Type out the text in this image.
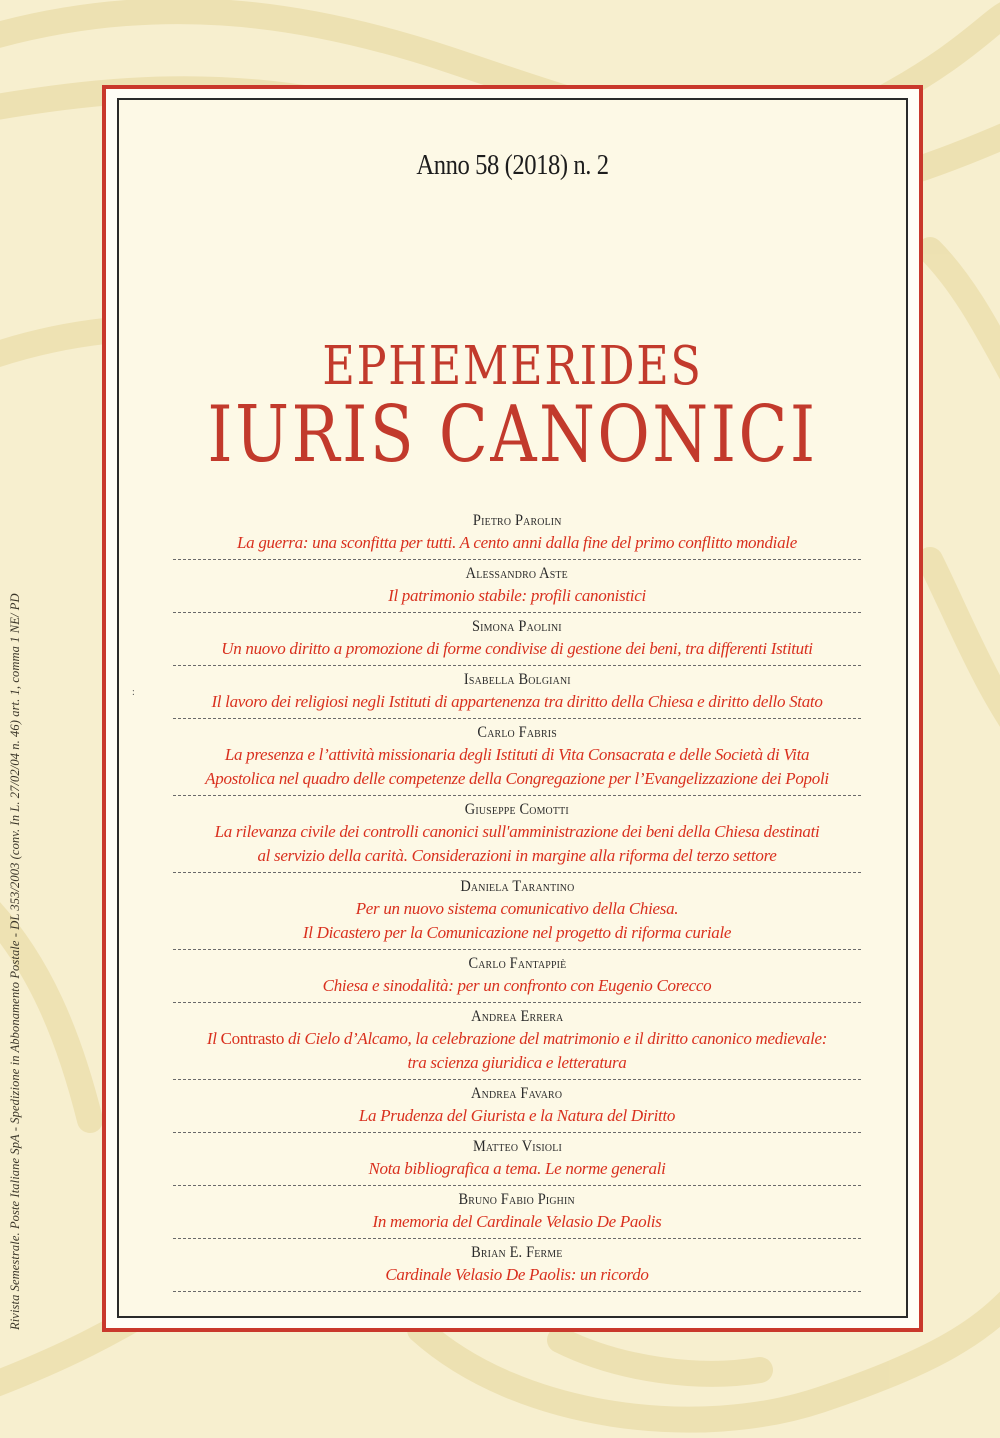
Rivista Semestrale. Poste Italiane SpA - Spedizione in Abbonamento Postale - DL 353/2003 (conv. In L. 27/02/04 n. 46) art. 1, comma 1 NE/ PD	:
Anno 58 (2018) n. 2
EPHEMERIDES
IURIS CANONICI
Pietro Parolin
La guerra: una sconfitta per tutti. A cento anni dalla fine del primo conflitto mondiale
Alessandro Aste
Il patrimonio stabile: profili canonistici
Simona Paolini
Un nuovo diritto a promozione di forme condivise di gestione dei beni, tra differenti Istituti
Isabella Bolgiani
Il lavoro dei religiosi negli Istituti di appartenenza tra diritto della Chiesa e diritto dello Stato
Carlo Fabris
La presenza e l’attività missionaria degli Istituti di Vita Consacrata e delle Società di Vita
Apostolica nel quadro delle competenze della Congregazione per l’Evangelizzazione dei Popoli
Giuseppe Comotti
La rilevanza civile dei controlli canonici sull'amministrazione dei beni della Chiesa destinati
al servizio della carità. Considerazioni in margine alla riforma del terzo settore
Daniela Tarantino
Per un nuovo sistema comunicativo della Chiesa.
Il Dicastero per la Comunicazione nel progetto di riforma curiale
Carlo Fantappiè
Chiesa e sinodalità: per un confronto con Eugenio Corecco
Andrea Errera
Il Contrasto di Cielo d’Alcamo, la celebrazione del matrimonio e il diritto canonico medievale:
tra scienza giuridica e letteratura
Andrea Favaro
La Prudenza del Giurista e la Natura del Diritto
Matteo Visioli
Nota bibliografica a tema. Le norme generali
Bruno Fabio Pighin
In memoria del Cardinale Velasio De Paolis
Brian E. Ferme
Cardinale Velasio De Paolis: un ricordo
